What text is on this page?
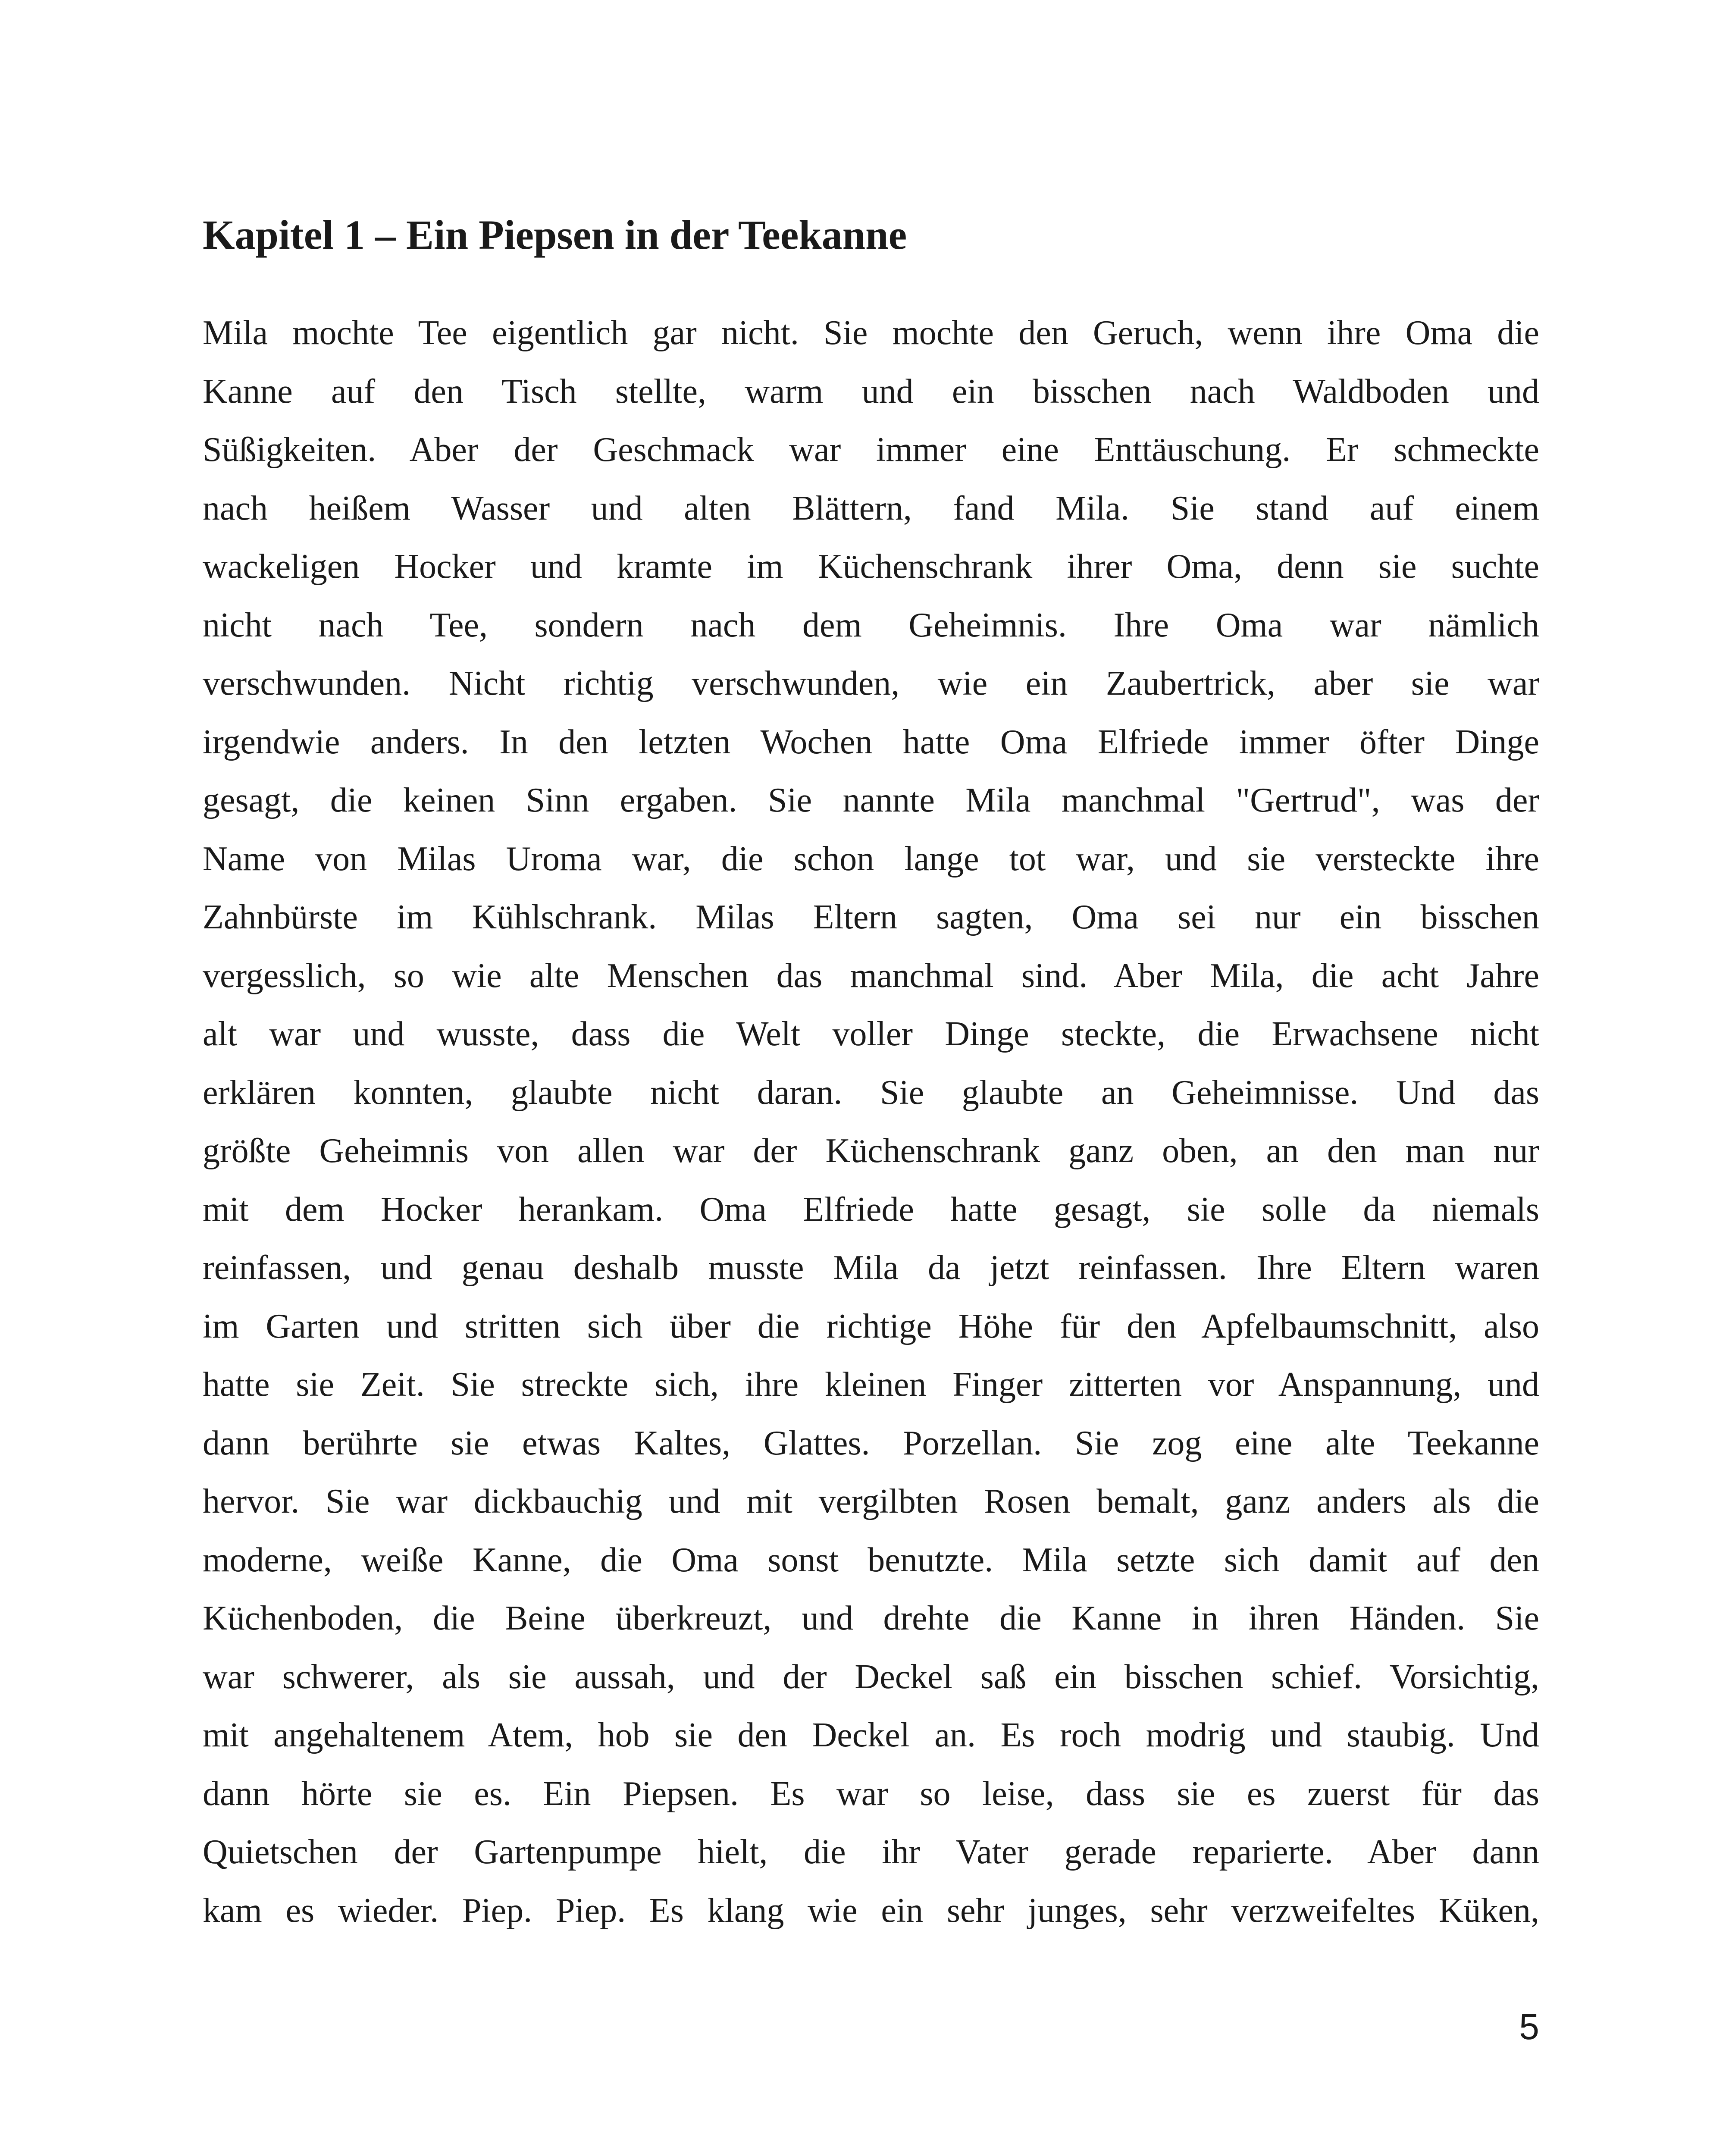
Kapitel 1 – Ein Piepsen in der Teekanne
Mila mochte Tee eigentlich gar nicht. Sie mochte den Geruch, wenn ihre Oma die
Kanne auf den Tisch stellte, warm und ein bisschen nach Waldboden und
Süßigkeiten. Aber der Geschmack war immer eine Enttäuschung. Er schmeckte
nach heißem Wasser und alten Blättern, fand Mila. Sie stand auf einem
wackeligen Hocker und kramte im Küchenschrank ihrer Oma, denn sie suchte
nicht nach Tee, sondern nach dem Geheimnis. Ihre Oma war nämlich
verschwunden. Nicht richtig verschwunden, wie ein Zaubertrick, aber sie war
irgendwie anders. In den letzten Wochen hatte Oma Elfriede immer öfter Dinge
gesagt, die keinen Sinn ergaben. Sie nannte Mila manchmal "Gertrud", was der
Name von Milas Uroma war, die schon lange tot war, und sie versteckte ihre
Zahnbürste im Kühlschrank. Milas Eltern sagten, Oma sei nur ein bisschen
vergesslich, so wie alte Menschen das manchmal sind. Aber Mila, die acht Jahre
alt war und wusste, dass die Welt voller Dinge steckte, die Erwachsene nicht
erklären konnten, glaubte nicht daran. Sie glaubte an Geheimnisse. Und das
größte Geheimnis von allen war der Küchenschrank ganz oben, an den man nur
mit dem Hocker herankam. Oma Elfriede hatte gesagt, sie solle da niemals
reinfassen, und genau deshalb musste Mila da jetzt reinfassen. Ihre Eltern waren
im Garten und stritten sich über die richtige Höhe für den Apfelbaumschnitt, also
hatte sie Zeit. Sie streckte sich, ihre kleinen Finger zitterten vor Anspannung, und
dann berührte sie etwas Kaltes, Glattes. Porzellan. Sie zog eine alte Teekanne
hervor. Sie war dickbauchig und mit vergilbten Rosen bemalt, ganz anders als die
moderne, weiße Kanne, die Oma sonst benutzte. Mila setzte sich damit auf den
Küchenboden, die Beine überkreuzt, und drehte die Kanne in ihren Händen. Sie
war schwerer, als sie aussah, und der Deckel saß ein bisschen schief. Vorsichtig,
mit angehaltenem Atem, hob sie den Deckel an. Es roch modrig und staubig. Und
dann hörte sie es. Ein Piepsen. Es war so leise, dass sie es zuerst für das
Quietschen der Gartenpumpe hielt, die ihr Vater gerade reparierte. Aber dann
kam es wieder. Piep. Piep. Es klang wie ein sehr junges, sehr verzweifeltes Küken,
5
